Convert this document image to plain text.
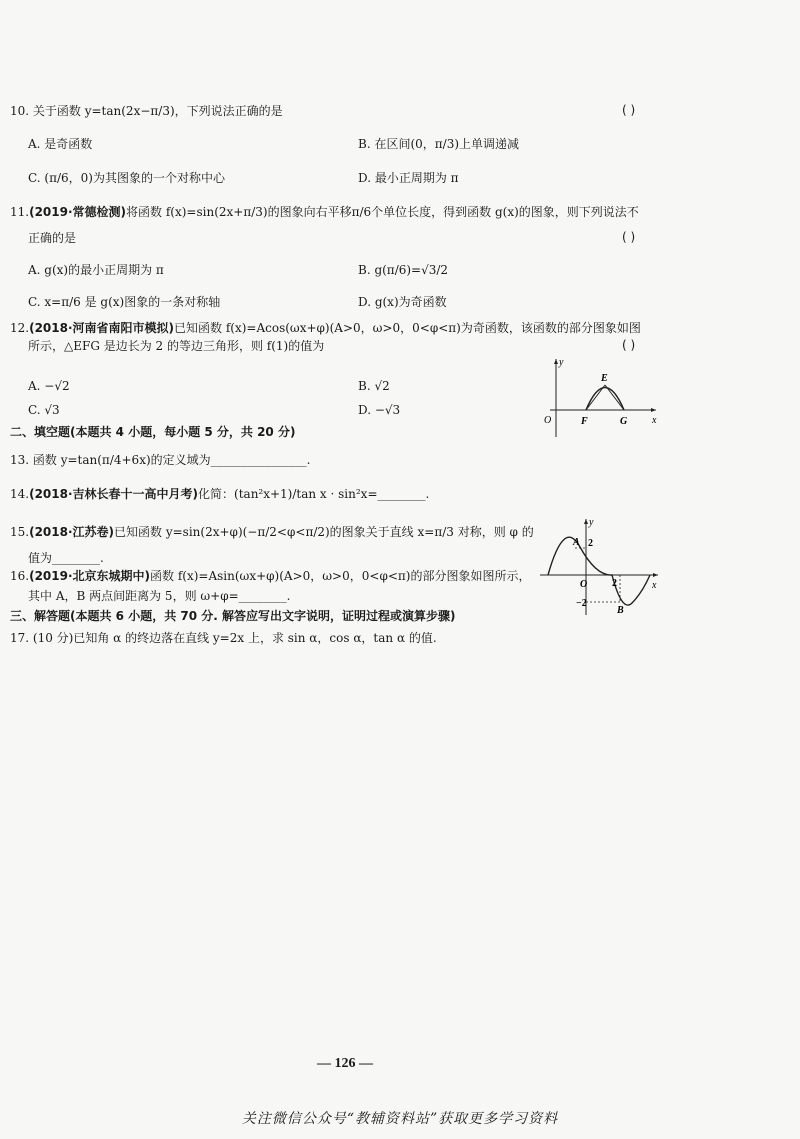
10. 关于函数 y=tan(2x−π/3)，下列说法正确的是	( )
A. 是奇函数	B. 在区间(0，π/3)上单调递减
C. (π/6，0)为其图象的一个对称中心	D. 最小正周期为 π
11.(2019·常德检测)将函数 f(x)=sin(2x+π/3)的图象向右平移π/6个单位长度，得到函数 g(x)的图象，则下列说法不
正确的是	( )
A. g(x)的最小正周期为 π	B. g(π/6)=√3/2
C. x=π/6 是 g(x)图象的一条对称轴	D. g(x)为奇函数
12.(2018·河南省南阳市模拟)已知函数 f(x)=Acos(ωx+φ)(A>0，ω>0，0<φ<π)为奇函数，该函数的部分图象如图
所示，△EFG 是边长为 2 的等边三角形，则 f(1)的值为	( )
A. −√2	B. √2
C. √3	D. −√3
y
x
O
E
F	G
二、填空题(本题共 4 小题，每小题 5 分，共 20 分)
13. 函数 y=tan(π/4+6x)的定义域为________________.
14.(2018·吉林长春十一高中月考)化简：(tan²x+1)/tan x · sin²x=________.
15.(2018·江苏卷)已知函数 y=sin(2x+φ)(−π/2<φ<π/2)的图象关于直线 x=π/3 对称，则 φ 的
值为________.
16.(2019·北京东城期中)函数 f(x)=Asin(ωx+φ)(A>0，ω>0，0<φ<π)的部分图象如图所示，
其中 A，B 两点间距离为 5，则 ω+φ=________.
y
x
O
A 2
−2
2
B
三、解答题(本题共 6 小题，共 70 分. 解答应写出文字说明，证明过程或演算步骤)
17. (10 分)已知角 α 的终边落在直线 y=2x 上，求 sin α，cos α，tan α 的值.
— 126 —
关注微信公众号“教辅资料站”获取更多学习资料
